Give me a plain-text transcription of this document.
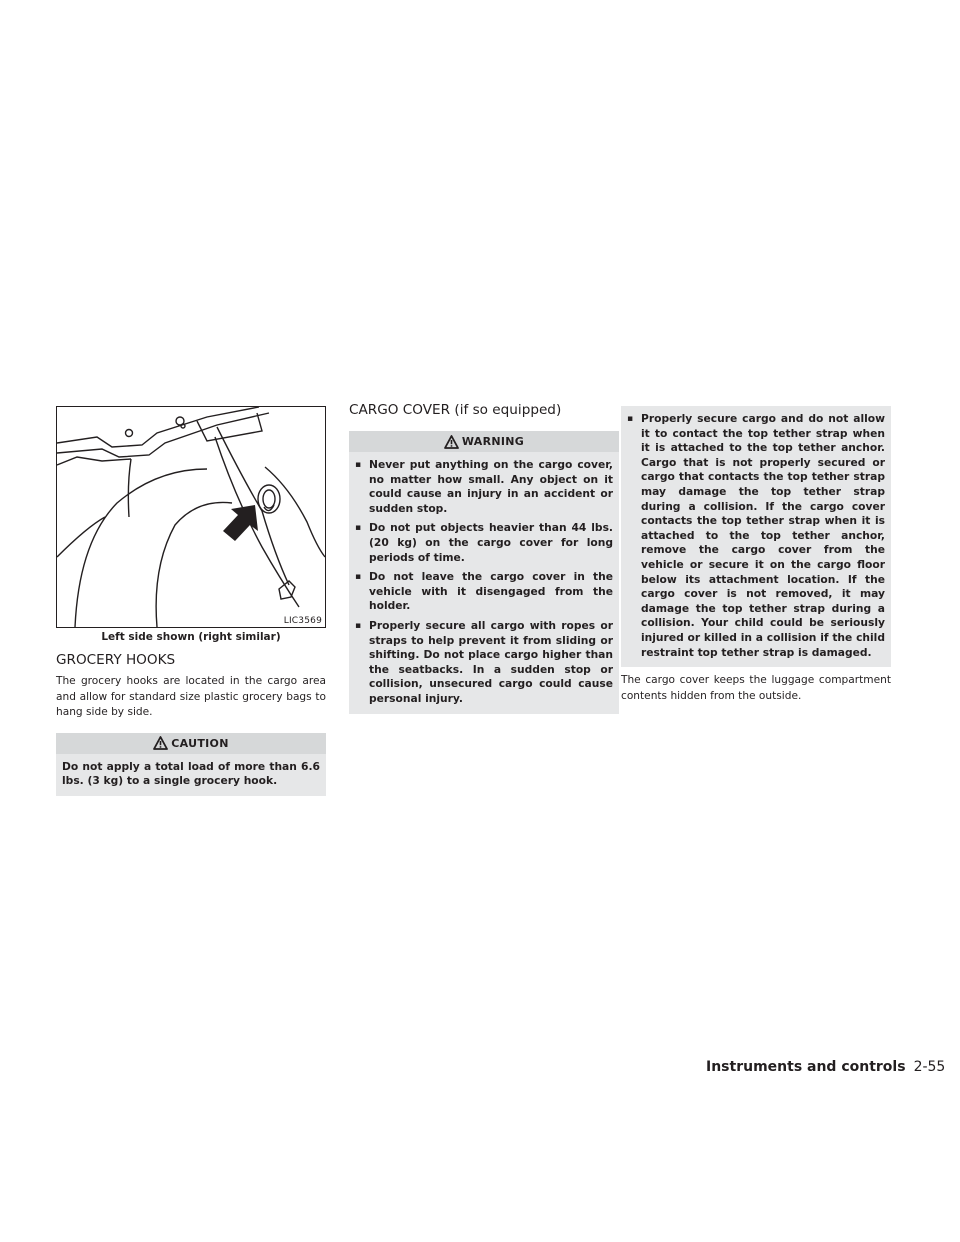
LIC3569
Left side shown (right similar)
GROCERY HOOKS

The grocery hooks are located in the cargo area and allow for standard size plastic grocery bags to hang side by side.

CAUTION
Do not apply a total load of more than 6.6 lbs. (3 kg) to a single grocery hook.
CARGO COVER (if so equipped)
WARNING
▪ Never put anything on the cargo cover, no matter how small. Any object on it could cause an injury in an accident or sudden stop.
▪ Do not put objects heavier than 44 lbs. (20 kg) on the cargo cover for long periods of time.
▪ Do not leave the cargo cover in the vehicle with it disengaged from the holder.
▪ Properly secure all cargo with ropes or straps to help prevent it from sliding or shifting. Do not place cargo higher than the seatbacks. In a sudden stop or collision, unsecured cargo could cause personal injury.
▪ Properly secure cargo and do not allow it to contact the top tether strap when it is attached to the top tether anchor. Cargo that is not properly secured or cargo that contacts the top tether strap may damage the top tether strap during a collision. If the cargo cover contacts the top tether strap when it is attached to the top tether anchor, remove the cargo cover from the vehicle or secure it on the cargo floor below its attachment location. If the cargo cover is not removed, it may damage the top tether strap during a collision. Your child could be seriously injured or killed in a collision if the child restraint top tether strap is damaged.

The cargo cover keeps the luggage compartment contents hidden from the outside.

Instruments and controls 2-55
